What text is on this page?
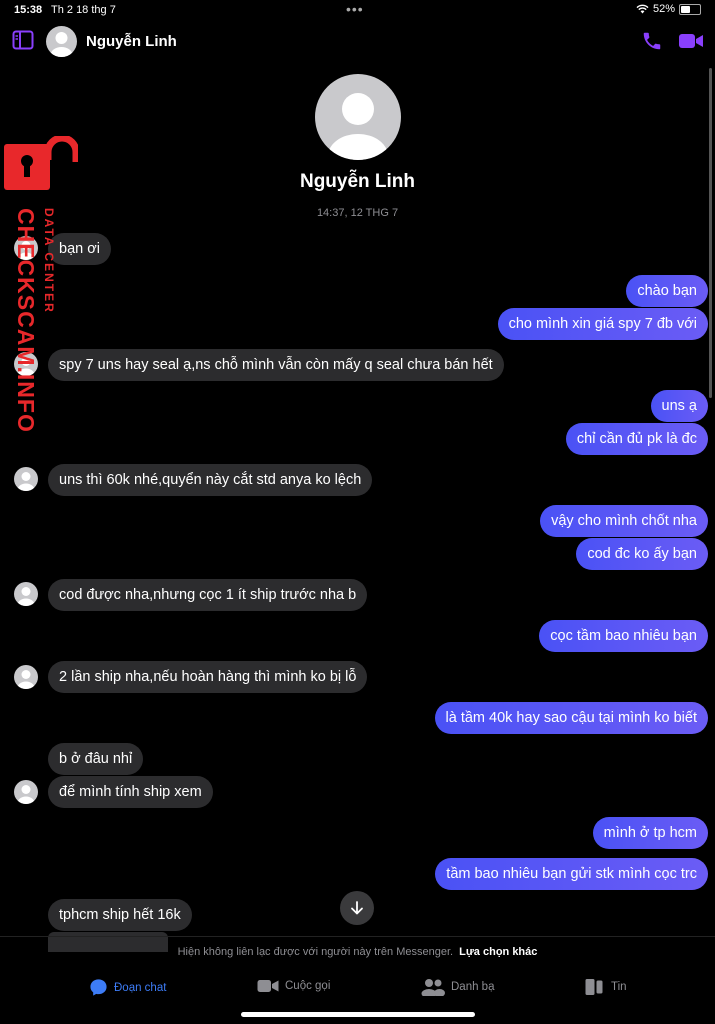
15:38 Th 2 18 thg 7	•••	52%
Nguyễn Linh
Nguyễn Linh
14:37, 12 THG 7
bạn ơi
chào bạn
cho mình xin giá spy 7 đb với
spy 7 uns hay seal ạ,ns chỗ mình vẫn còn mấy q seal chưa bán hết
uns ạ
chỉ cần đủ pk là đc
uns thì 60k nhé,quyển này cắt std anya ko lệch
vậy cho mình chốt nha
cod đc ko ấy bạn
cod được nha,nhưng cọc 1 ít ship trước nha b
cọc tầm bao nhiêu bạn
2 lần ship nha,nếu hoàn hàng thì mình ko bị lỗ
là tầm 40k hay sao cậu tại mình ko biết
b ở đâu nhỉ
để mình tính ship xem
mình ở tp hcm
tầm bao nhiêu bạn gửi stk mình cọc trc
tphcm ship hết 16k
CHECKSCAM.INFO DATA CENTER
Hiện không liên lạc được với người này trên Messenger. Lựa chọn khác
Đoạn chat	Cuộc gọi	Danh bạ	Tin
